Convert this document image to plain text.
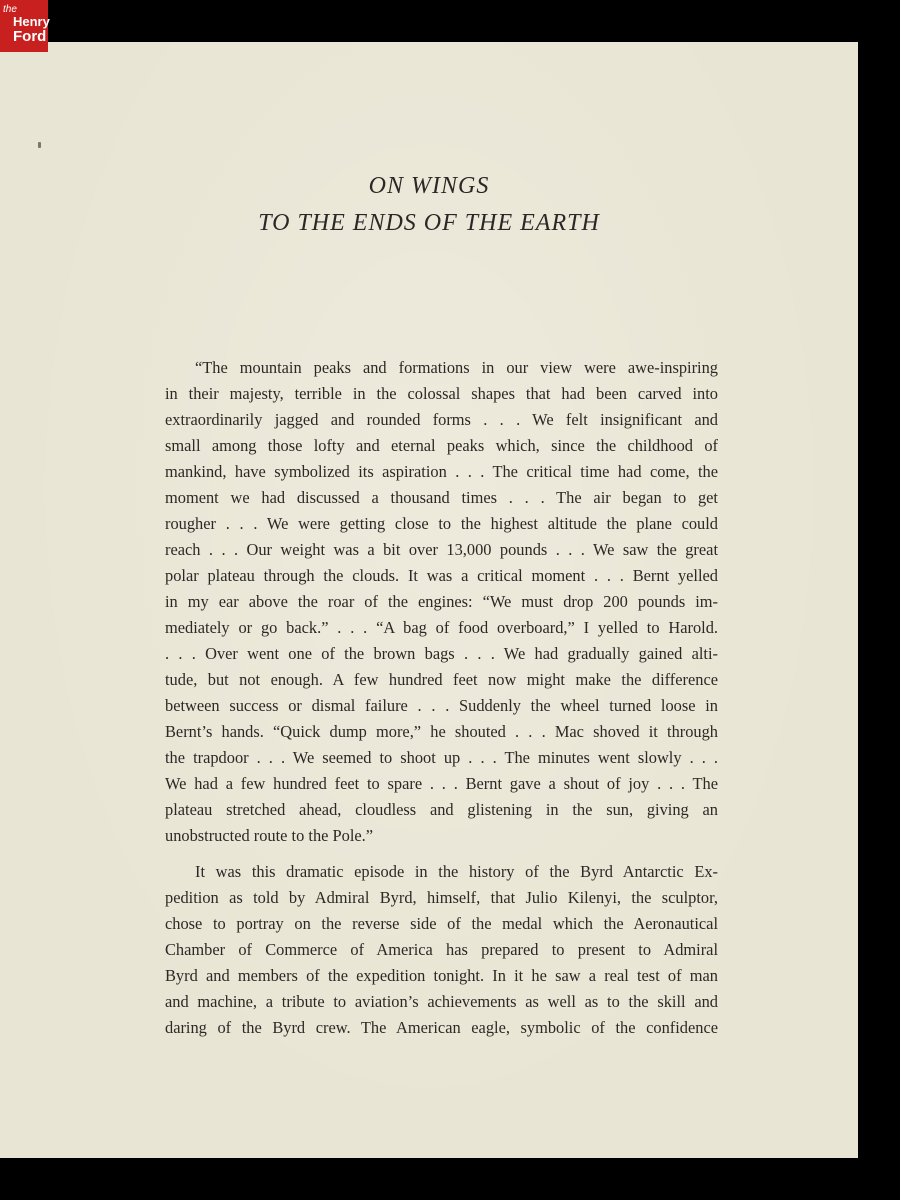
ON WINGS
TO THE ENDS OF THE EARTH

“The mountain peaks and formations in our view were awe-inspiring
in their majesty, terrible in the colossal shapes that had been carved into
extraordinarily jagged and rounded forms . . . We felt insignificant and
small among those lofty and eternal peaks which, since the childhood of
mankind, have symbolized its aspiration . . . The critical time had come, the
moment we had discussed a thousand times . . . The air began to get
rougher . . . We were getting close to the highest altitude the plane could
reach . . . Our weight was a bit over 13,000 pounds . . . We saw the great
polar plateau through the clouds. It was a critical moment . . . Bernt yelled
in my ear above the roar of the engines: “We must drop 200 pounds im-
mediately or go back.” . . . “A bag of food overboard,” I yelled to Harold.
. . . Over went one of the brown bags . . . We had gradually gained alti-
tude, but not enough. A few hundred feet now might make the difference
between success or dismal failure . . . Suddenly the wheel turned loose in
Bernt’s hands. “Quick dump more,” he shouted . . . Mac shoved it through
the trapdoor . . . We seemed to shoot up . . . The minutes went slowly . . .
We had a few hundred feet to spare . . . Bernt gave a shout of joy . . . The
plateau stretched ahead, cloudless and glistening in the sun, giving an
unobstructed route to the Pole.”

It was this dramatic episode in the history of the Byrd Antarctic Ex-
pedition as told by Admiral Byrd, himself, that Julio Kilenyi, the sculptor,
chose to portray on the reverse side of the medal which the Aeronautical
Chamber of Commerce of America has prepared to present to Admiral
Byrd and members of the expedition tonight. In it he saw a real test of man
and machine, a tribute to aviation’s achievements as well as to the skill and
daring of the Byrd crew. The American eagle, symbolic of the confidence

the
Henry
Ford
